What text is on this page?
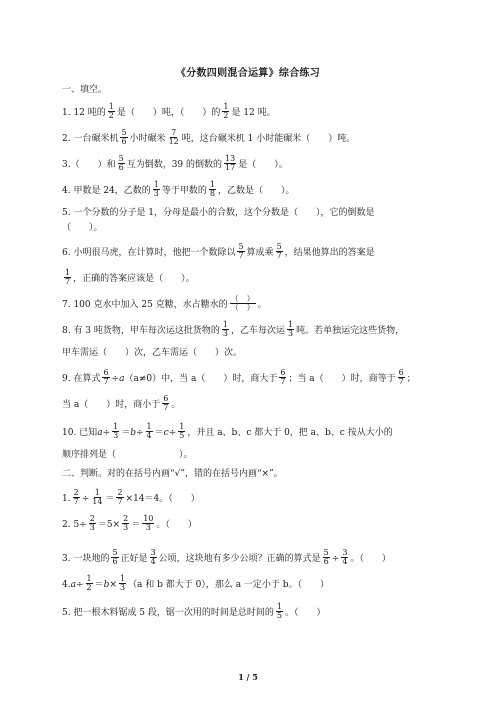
《分数四则混合运算》综合练习
一、填空。
1. 12 吨的 $\frac{1}{2}$ 是（　　）吨，（　　）的 $\frac{1}{2}$ 是 12 吨。
2. 一台碾米机 $\frac{5}{6}$ 小时碾米 $\frac{7}{12}$ 吨，这台碾米机 1 小时能碾米（　　）吨。
3.（　　）和 $\frac{5}{6}$ 互为倒数，39 的倒数的 $\frac{13}{17}$ 是（　　）。
4. 甲数是 24，乙数的 $\frac{1}{3}$ 等于甲数的 $\frac{1}{8}$ ，乙数是（　　）。
5. 一个分数的分子是 1，分母是最小的合数，这个分数是（　　），它的倒数是
（　　）。
6. 小明很马虎，在计算时，他把一个数除以 $\frac{5}{7}$ 算成乘 $\frac{5}{7}$ ，结果他算出的答案是
$\frac{1}{7}$ ，正确的答案应该是（　　）。
7. 100 克水中加入 25 克糖，水占糖水的 $\frac{( )}{( )}$ 。
8. 有 3 吨货物，甲车每次运这批货物的 $\frac{1}{3}$ ，乙车每次运 $\frac{1}{3}$ 吨。若单独运完这些货物，
甲车需运（　　）次，乙车需运（　　）次。
9. 在算式 $\frac{6}{7} \div a(a\ne 0)$中，当 a（　　）时，商大于 $\frac{6}{7}$ ；当 a（　　）时，商等于 $\frac{6}{7}$ ；
当 a（　　）时，商小于 $\frac{6}{7}$ 。
10. 已知$a\div \frac{1}{3} =b\div \frac{1}{4} =c\div \frac{1}{5}$ ，并且 a、b、c 都大于 0，把 a、b、c 按从大小的
顺序排列是（　　　　　　　）。
二、判断。对的在括号内画“√”，错的在括号内画“×”。
1. $\frac{2}{7} \div \frac{1}{14} = \frac{2}{7} \times 14=4$。（　　）
2. $5\div \frac{2}{3} =5\times \frac{2}{3} = \frac{10}{3}$ 。（　　）
3. 一块地的 $\frac{5}{6}$ 正好是 $\frac{3}{4}$ 公顷，这块地有多少公顷？正确的算式是 $\frac{5}{6} \div \frac{3}{4}$ 。（　　）
$4.a\div \frac{1}{2} =b\times \frac{1}{3} (a$ 和 b 都大于 0），那么 a 一定小于 b。（　　）
5. 把一根木料锯成 5 段，锯一次用的时间是总时间的 $\frac{1}{5}$ 。（　　）
1 / 5
